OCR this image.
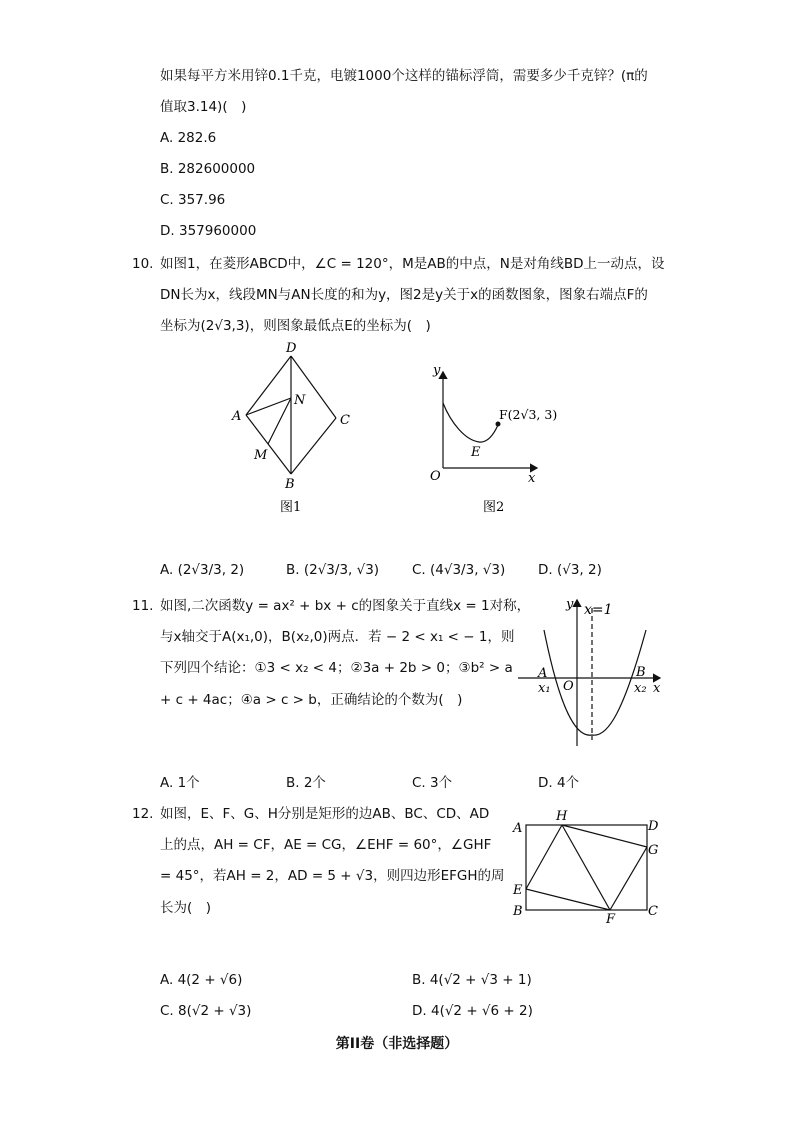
如果每平方米用锌0.1千克，电镀1000个这样的锚标浮筒，需要多少千克锌？(π的
值取3.14)(　)
A. 282.6
B. 282600000
C. 357.96
D. 357960000
10. 如图1，在菱形ABCD中，∠C = 120°，M是AB的中点，N是对角线BD上一动点，设
DN长为x，线段MN与AN长度的和为y，图2是y关于x的函数图象，图象右端点F的
坐标为(2√3,3)，则图象最低点E的坐标为(　)
D
A
N
C
M
B
图1
y
O	x
E
F(2√3, 3)
图2
A. (2√3/3, 2)	B. (2√3/3, √3) C. (4√3/3, √3) D. (√3, 2)
11. 如图,二次函数y = ax² + bx + c的图象关于直线x = 1对称，
与x轴交于A(x₁,0)，B(x₂,0)两点．若 − 2 < x₁ < − 1，则
下列四个结论：①3 < x₂ < 4；②3a + 2b > 0；③b² > a
+ c + 4ac；④a > c > b，正确结论的个数为(　)
y x=1
A
x₁ O
B
x₂ x
A. 1个	B. 2个	C. 3个	D. 4个
12. 如图，E、F、G、H分别是矩形的边AB、BC、CD、AD
上的点，AH = CF，AE = CG，∠EHF = 60°，∠GHF
= 45°，若AH = 2，AD = 5 + √3，则四边形EFGH的周
长为(　)
A
H
D
G
E
B
F
C
A. 4(2 + √6)	B. 4(√2 + √3 + 1)
C. 8(√2 + √3)	D. 4(√2 + √6 + 2)
第II卷（非选择题）
